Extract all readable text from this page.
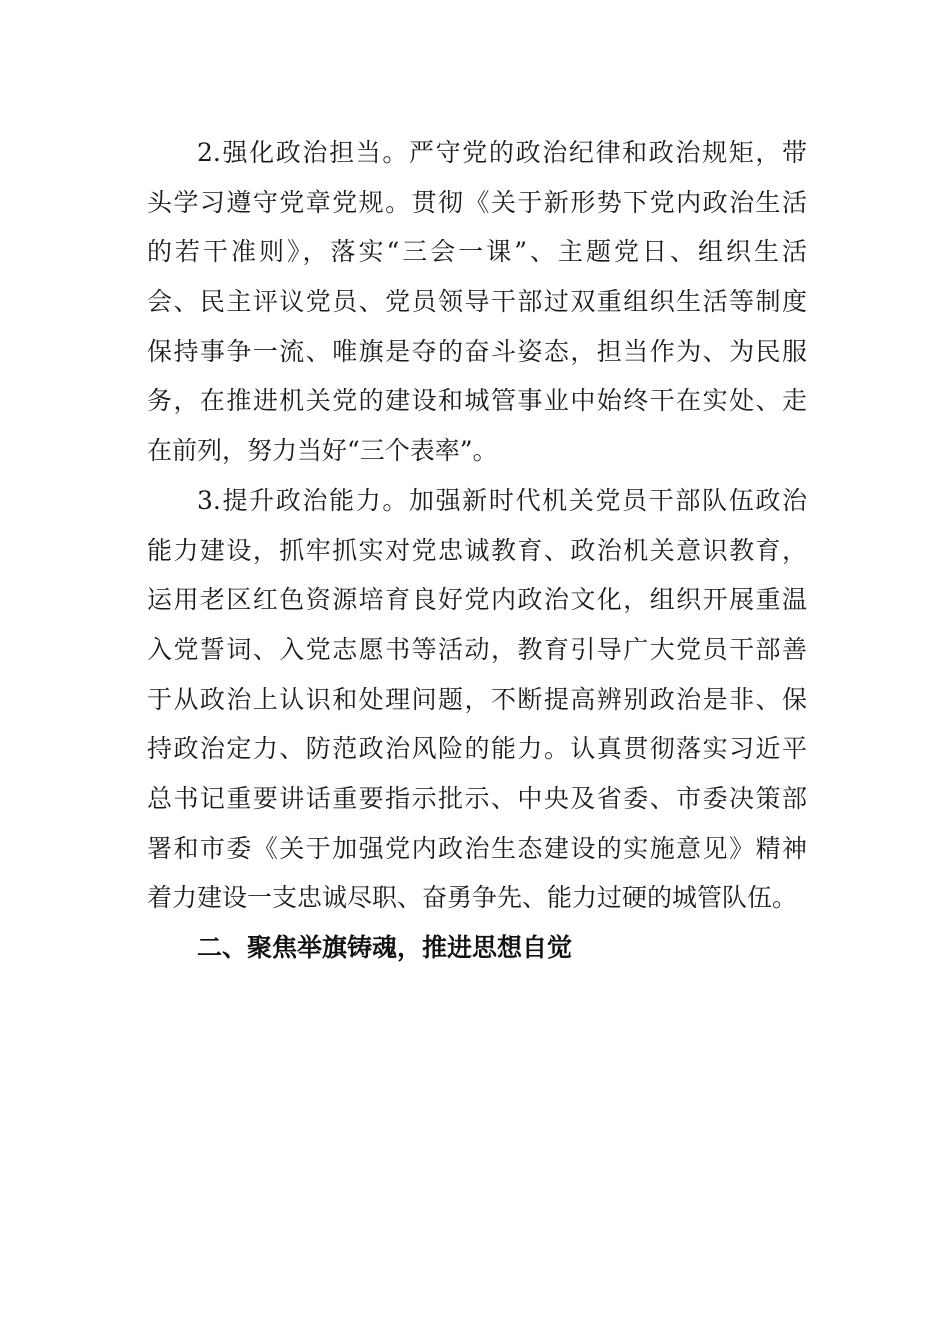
2.强化政治担当。严守党的政治纪律和政治规矩，带
头学习遵守党章党规。贯彻《关于新形势下党内政治生活
的若干准则》，落实“三会一课”、主题党日、组织生活
会、民主评议党员、党员领导干部过双重组织生活等制度
保持事争一流、唯旗是夺的奋斗姿态，担当作为、为民服
务，在推进机关党的建设和城管事业中始终干在实处、走
在前列，努力当好“三个表率”。
3.提升政治能力。加强新时代机关党员干部队伍政治
能力建设，抓牢抓实对党忠诚教育、政治机关意识教育，
运用老区红色资源培育良好党内政治文化，组织开展重温
入党誓词、入党志愿书等活动，教育引导广大党员干部善
于从政治上认识和处理问题，不断提高辨别政治是非、保
持政治定力、防范政治风险的能力。认真贯彻落实习近平
总书记重要讲话重要指示批示、中央及省委、市委决策部
署和市委《关于加强党内政治生态建设的实施意见》精神
着力建设一支忠诚尽职、奋勇争先、能力过硬的城管队伍。
二、聚焦举旗铸魂，推进思想自觉
